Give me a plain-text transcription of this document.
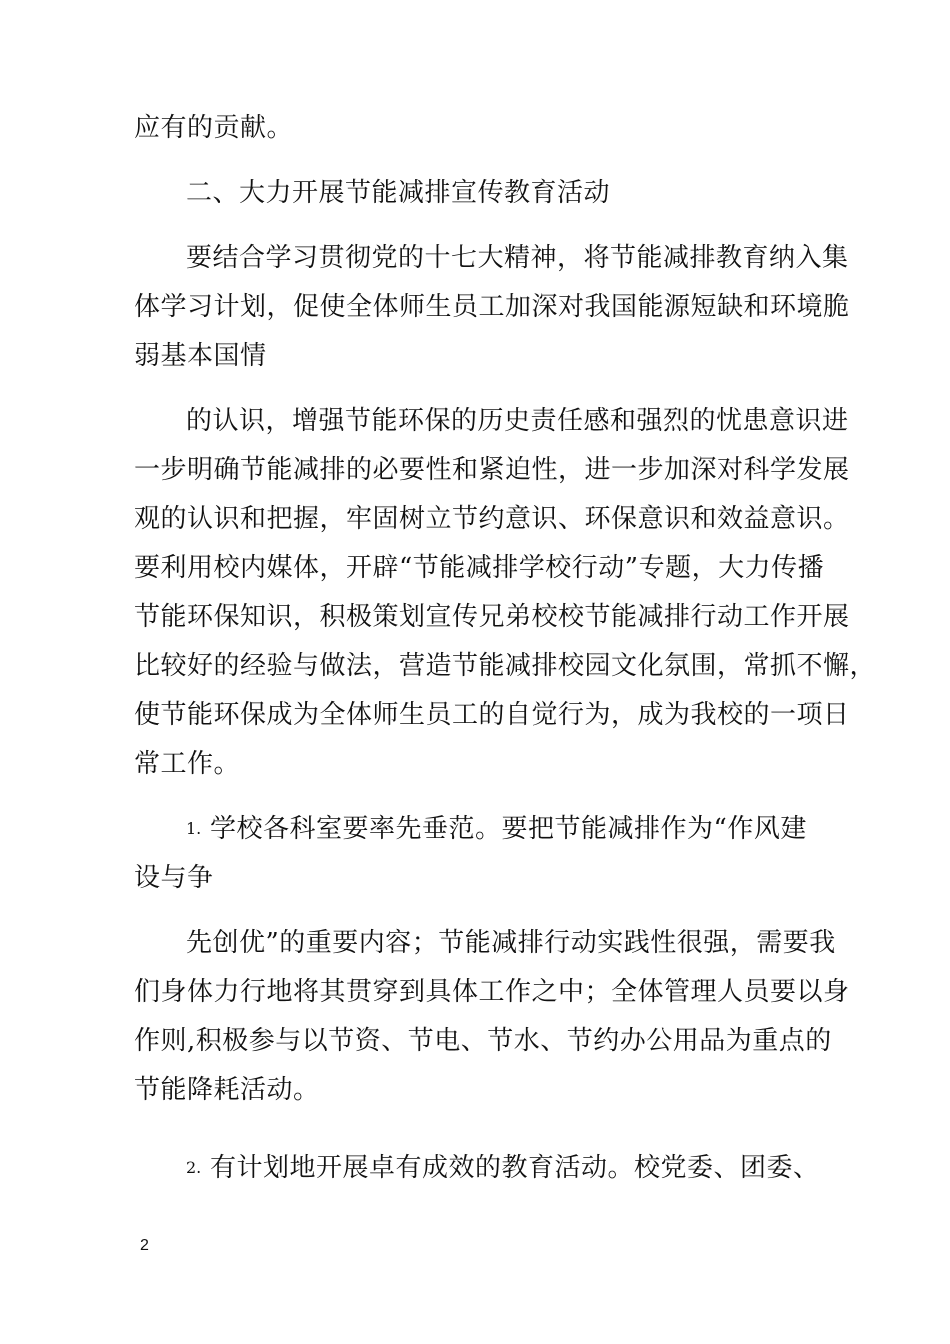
应有的贡献。
二、大力开展节能减排宣传教育活动
要结合学习贯彻党的十七大精神，将节能减排教育纳入集
体学习计划，促使全体师生员工加深对我国能源短缺和环境脆
弱基本国情
的认识，增强节能环保的历史责任感和强烈的忧患意识进
一步明确节能减排的必要性和紧迫性，进一步加深对科学发展
观的认识和把握，牢固树立节约意识、环保意识和效益意识。
要利用校内媒体，开辟“节能减排学校行动”专题，大力传播
节能环保知识，积极策划宣传兄弟校校节能减排行动工作开展
比较好的经验与做法，营造节能减排校园文化氛围，常抓不懈，
使节能环保成为全体师生员工的自觉行为，成为我校的一项日
常工作。
1. 学校各科室要率先垂范。要把节能减排作为“作风建
设与争
先创优”的重要内容；节能减排行动实践性很强，需要我
们身体力行地将其贯穿到具体工作之中；全体管理人员要以身
作则,积极参与以节资、节电、节水、节约办公用品为重点的
节能降耗活动。
2. 有计划地开展卓有成效的教育活动。校党委、团委、
2
